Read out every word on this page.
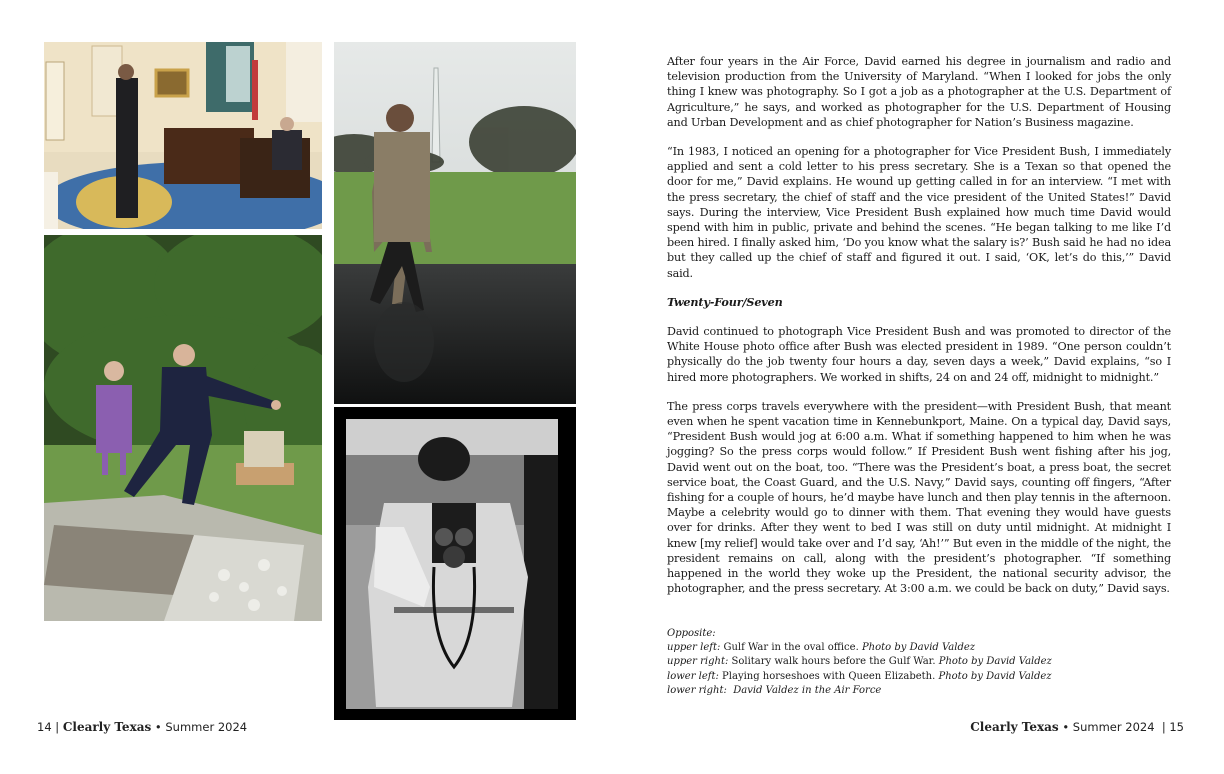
After four years in the Air Force, David earned his degree in journalism and radio and television production from the University of Maryland. “When I looked for jobs the only thing I knew was photography. So I got a job as a photographer at the U.S. Department of Agriculture,” he says, and worked as photographer for the U.S. Department of Housing and Urban Development and as chief photographer for Nation’s Business magazine.

“In 1983, I noticed an opening for a photographer for Vice President Bush, I immediately applied and sent a cold letter to his press secretary. She is a Texan so that opened the door for me,” David explains. He wound up getting called in for an interview. “I met with the press secretary, the chief of staff and the vice president of the United States!” David says. During the interview, Vice President Bush explained how much time David would spend with him in public, private and behind the scenes. “He began talking to me like I’d been hired. I finally asked him, ‘Do you know what the salary is?’ Bush said he had no idea but they called up the chief of staff and figured it out. I said, ‘OK, let’s do this,’” David said.

Twenty-Four/Seven

David continued to photograph Vice President Bush and was promoted to director of the White House photo office after Bush was elected president in 1989. “One person couldn’t physically do the job twenty four hours a day, seven days a week,” David explains, “so I hired more photographers. We worked in shifts, 24 on and 24 off, midnight to midnight.”

The press corps travels everywhere with the president—with President Bush, that meant even when he spent vacation time in Kennebunkport, Maine. On a typical day, David says, “President Bush would jog at 6:00 a.m. What if something happened to him when he was jogging? So the press corps would follow.” If President Bush went fishing after his jog, David went out on the boat, too. “There was the President’s boat, a press boat, the secret service boat, the Coast Guard, and the U.S. Navy,” David says, counting off fingers, “After fishing for a couple of hours, he’d maybe have lunch and then play tennis in the afternoon. Maybe a celebrity would go to dinner with them. That evening they would have guests over for drinks. After they went to bed I was still on duty until midnight. At midnight I knew [my relief] would take over and I’d say, ‘Ah!’” But even in the middle of the night, the president remains on call, along with the president’s photographer. “If something happened in the world they woke up the President, the national security advisor, the photographer, and the press secretary. At 3:00 a.m. we could be back on duty,” David says.

Opposite:
upper left: Gulf War in the oval office. Photo by David Valdez
upper right: Solitary walk hours before the Gulf War. Photo by David Valdez
lower left: Playing horseshoes with Queen Elizabeth. Photo by David Valdez
lower right: David Valdez in the Air Force
14 | Clearly Texas • Summer 2024	Clearly Texas • Summer 2024 | 15
